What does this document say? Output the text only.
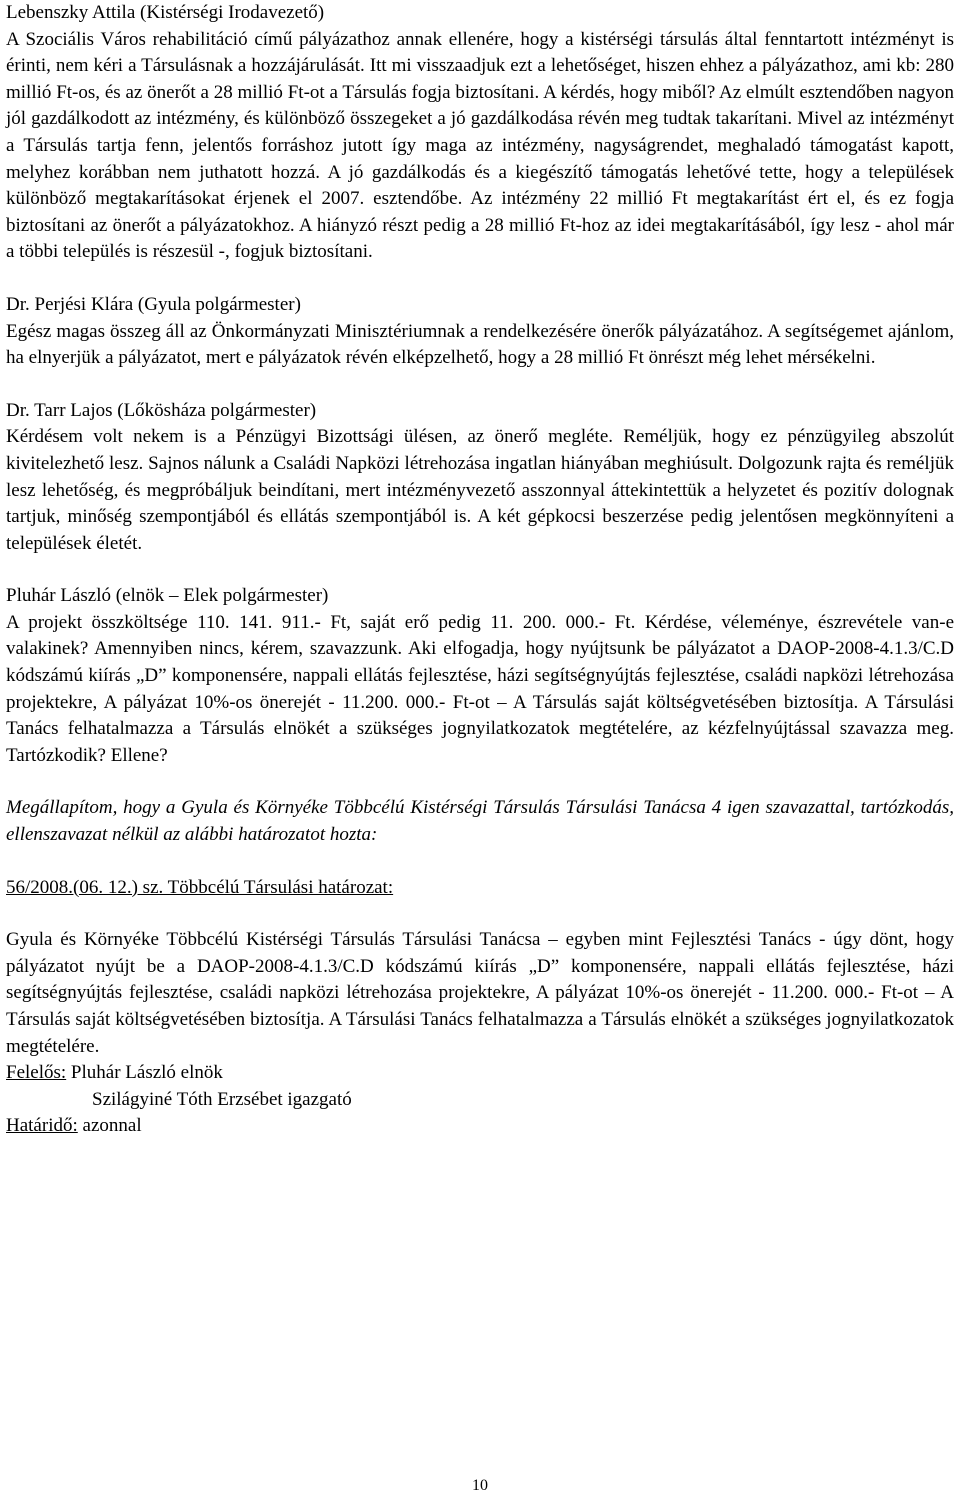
Lebenszky Attila (Kistérségi Irodavezető)

A Szociális Város rehabilitáció című pályázathoz annak ellenére, hogy a kistérségi társulás által fenntartott intézményt is érinti, nem kéri a Társulásnak a hozzájárulását. Itt mi visszaadjuk ezt a lehetőséget, hiszen ehhez a pályázathoz, ami kb: 280 millió Ft-os, és az önerőt a 28 millió Ft-ot a Társulás fogja biztosítani. A kérdés, hogy miből? Az elmúlt esztendőben nagyon jól gazdálkodott az intézmény, és különböző összegeket a jó gazdálkodása révén meg tudtak takarítani. Mivel az intézményt a Társulás tartja fenn, jelentős forráshoz jutott így maga az intézmény, nagyságrendet, meghaladó támogatást kapott, melyhez korábban nem juthatott hozzá. A jó gazdálkodás és a kiegészítő támogatás lehetővé tette, hogy a települések különböző megtakarításokat érjenek el 2007. esztendőbe. Az intézmény 22 millió Ft megtakarítást ért el, és ez fogja biztosítani az önerőt a pályázatokhoz. A hiányzó részt pedig a 28 millió Ft-hoz az idei megtakarításából, így lesz - ahol már a többi település is részesül -, fogjuk biztosítani.

Dr. Perjési Klára (Gyula polgármester)

Egész magas összeg áll az Önkormányzati Minisztériumnak a rendelkezésére önerők pályázatához. A segítségemet ajánlom, ha elnyerjük a pályázatot, mert e pályázatok révén elképzelhető, hogy a 28 millió Ft önrészt még lehet mérsékelni.

Dr. Tarr Lajos (Lőkösháza polgármester)

Kérdésem volt nekem is a Pénzügyi Bizottsági ülésen, az önerő megléte. Reméljük, hogy ez pénzügyileg abszolút kivitelezhető lesz. Sajnos nálunk a Családi Napközi létrehozása ingatlan hiányában meghiúsult. Dolgozunk rajta és reméljük lesz lehetőség, és megpróbáljuk beindítani, mert intézményvezető asszonnyal áttekintettük a helyzetet és pozitív dolognak tartjuk, minőség szempontjából és ellátás szempontjából is. A két gépkocsi beszerzése pedig jelentősen megkönnyíteni a települések életét.

Pluhár László (elnök – Elek polgármester)

A projekt összköltsége 110. 141. 911.- Ft, saját erő pedig 11. 200. 000.- Ft. Kérdése, véleménye, észrevétele van-e valakinek? Amennyiben nincs, kérem, szavazzunk. Aki elfogadja, hogy nyújtsunk be pályázatot a DAOP-2008-4.1.3/C.D kódszámú kiírás „D” komponensére, nappali ellátás fejlesztése, házi segítségnyújtás fejlesztése, családi napközi létrehozása projektekre, A pályázat 10%-os önerejét - 11.200. 000.- Ft-ot – A Társulás saját költségvetésében biztosítja. A Társulási Tanács felhatalmazza a Társulás elnökét a szükséges jognyilatkozatok megtételére, az kézfelnyújtással szavazza meg. Tartózkodik? Ellene?

Megállapítom, hogy a Gyula és Környéke Többcélú Kistérségi Társulás Társulási Tanácsa 4 igen szavazattal, tartózkodás, ellenszavazat nélkül az alábbi határozatot hozta:

56/2008.(06. 12.) sz. Többcélú Társulási határozat:

Gyula és Környéke Többcélú Kistérségi Társulás Társulási Tanácsa – egyben mint Fejlesztési Tanács - úgy dönt, hogy pályázatot nyújt be a DAOP-2008-4.1.3/C.D kódszámú kiírás „D” komponensére, nappali ellátás fejlesztése, házi segítségnyújtás fejlesztése, családi napközi létrehozása projektekre, A pályázat 10%-os önerejét - 11.200. 000.- Ft-ot – A Társulás saját költségvetésében biztosítja. A Társulási Tanács felhatalmazza a Társulás elnökét a szükséges jognyilatkozatok megtételére.

Felelős: Pluhár László elnök

Szilágyiné Tóth Erzsébet igazgató

Határidő: azonnal

10
